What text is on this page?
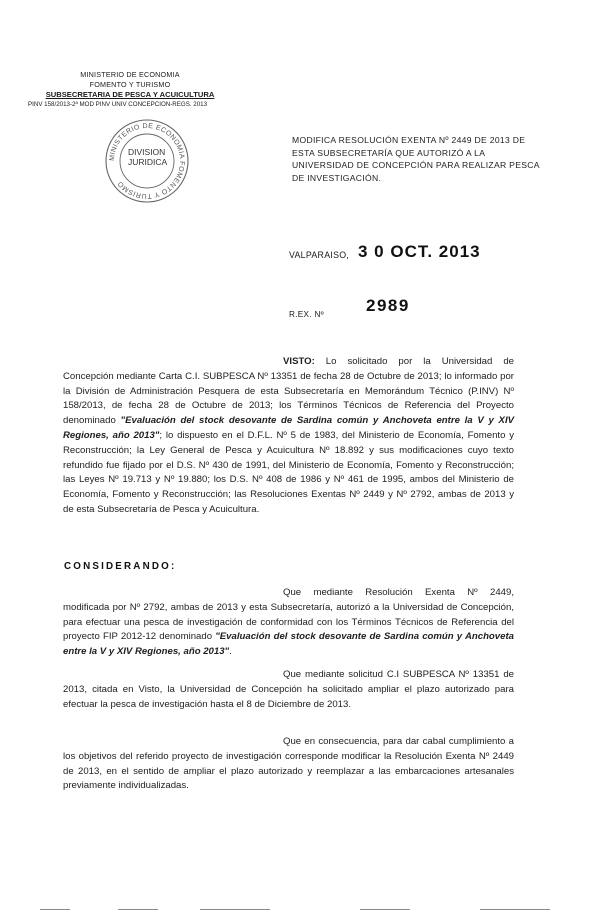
MINISTERIO DE ECONOMIA
FOMENTO Y TURISMO
SUBSECRETARIA DE PESCA Y ACUICULTURA
PINV 158/2013-2ª MOD PINV UNIV CONCEPCION-REGS. 2013
MINISTERIO DE ECONOMIA FOMENTO Y TURISMO
DIVISION
JURIDICA
MODIFICA RESOLUCIÓN EXENTA Nº 2449 DE 2013 DE ESTA SUBSECRETARÍA QUE AUTORIZÓ A LA UNIVERSIDAD DE CONCEPCIÓN PARA REALIZAR PESCA DE INVESTIGACIÓN.
VALPARAISO, 3 0 OCT. 2013
R.EX. Nº 2989
VISTO: Lo solicitado por la Universidad de Concepción mediante Carta C.I. SUBPESCA Nº 13351 de fecha 28 de Octubre de 2013; lo informado por la División de Administración Pesquera de esta Subsecretaría en Memorándum Técnico (P.INV) Nº 158/2013, de fecha 28 de Octubre de 2013; los Términos Técnicos de Referencia del Proyecto denominado "Evaluación del stock desovante de Sardina común y Anchoveta entre la V y XIV Regiones, año 2013"; lo dispuesto en el D.F.L. Nº 5 de 1983, del Ministerio de Economía, Fomento y Reconstrucción; la Ley General de Pesca y Acuicultura Nº 18.892 y sus modificaciones cuyo texto refundido fue fijado por el D.S. Nº 430 de 1991, del Ministerio de Economía, Fomento y Reconstrucción; las Leyes Nº 19.713 y Nº 19.880; los D.S. Nº 408 de 1986 y Nº 461 de 1995, ambos del Ministerio de Economía, Fomento y Reconstrucción; las Resoluciones Exentas Nº 2449 y Nº 2792, ambas de 2013 y de esta Subsecretaría de Pesca y Acuicultura.
CONSIDERANDO:
Que mediante Resolución Exenta Nº 2449, modificada por Nº 2792, ambas de 2013 y esta Subsecretaría, autorizó a la Universidad de Concepción, para efectuar una pesca de investigación de conformidad con los Términos Técnicos de Referencia del proyecto FIP 2012-12 denominado "Evaluación del stock desovante de Sardina común y Anchoveta entre la V y XIV Regiones, año 2013".
Que mediante solicitud C.I SUBPESCA Nº 13351 de 2013, citada en Visto, la Universidad de Concepción ha solicitado ampliar el plazo autorizado para efectuar la pesca de investigación hasta el 8 de Diciembre de 2013.
Que en consecuencia, para dar cabal cumplimiento a los objetivos del referido proyecto de investigación corresponde modificar la Resolución Exenta Nº 2449 de 2013, en el sentido de ampliar el plazo autorizado y reemplazar a las embarcaciones artesanales previamente individualizadas.
